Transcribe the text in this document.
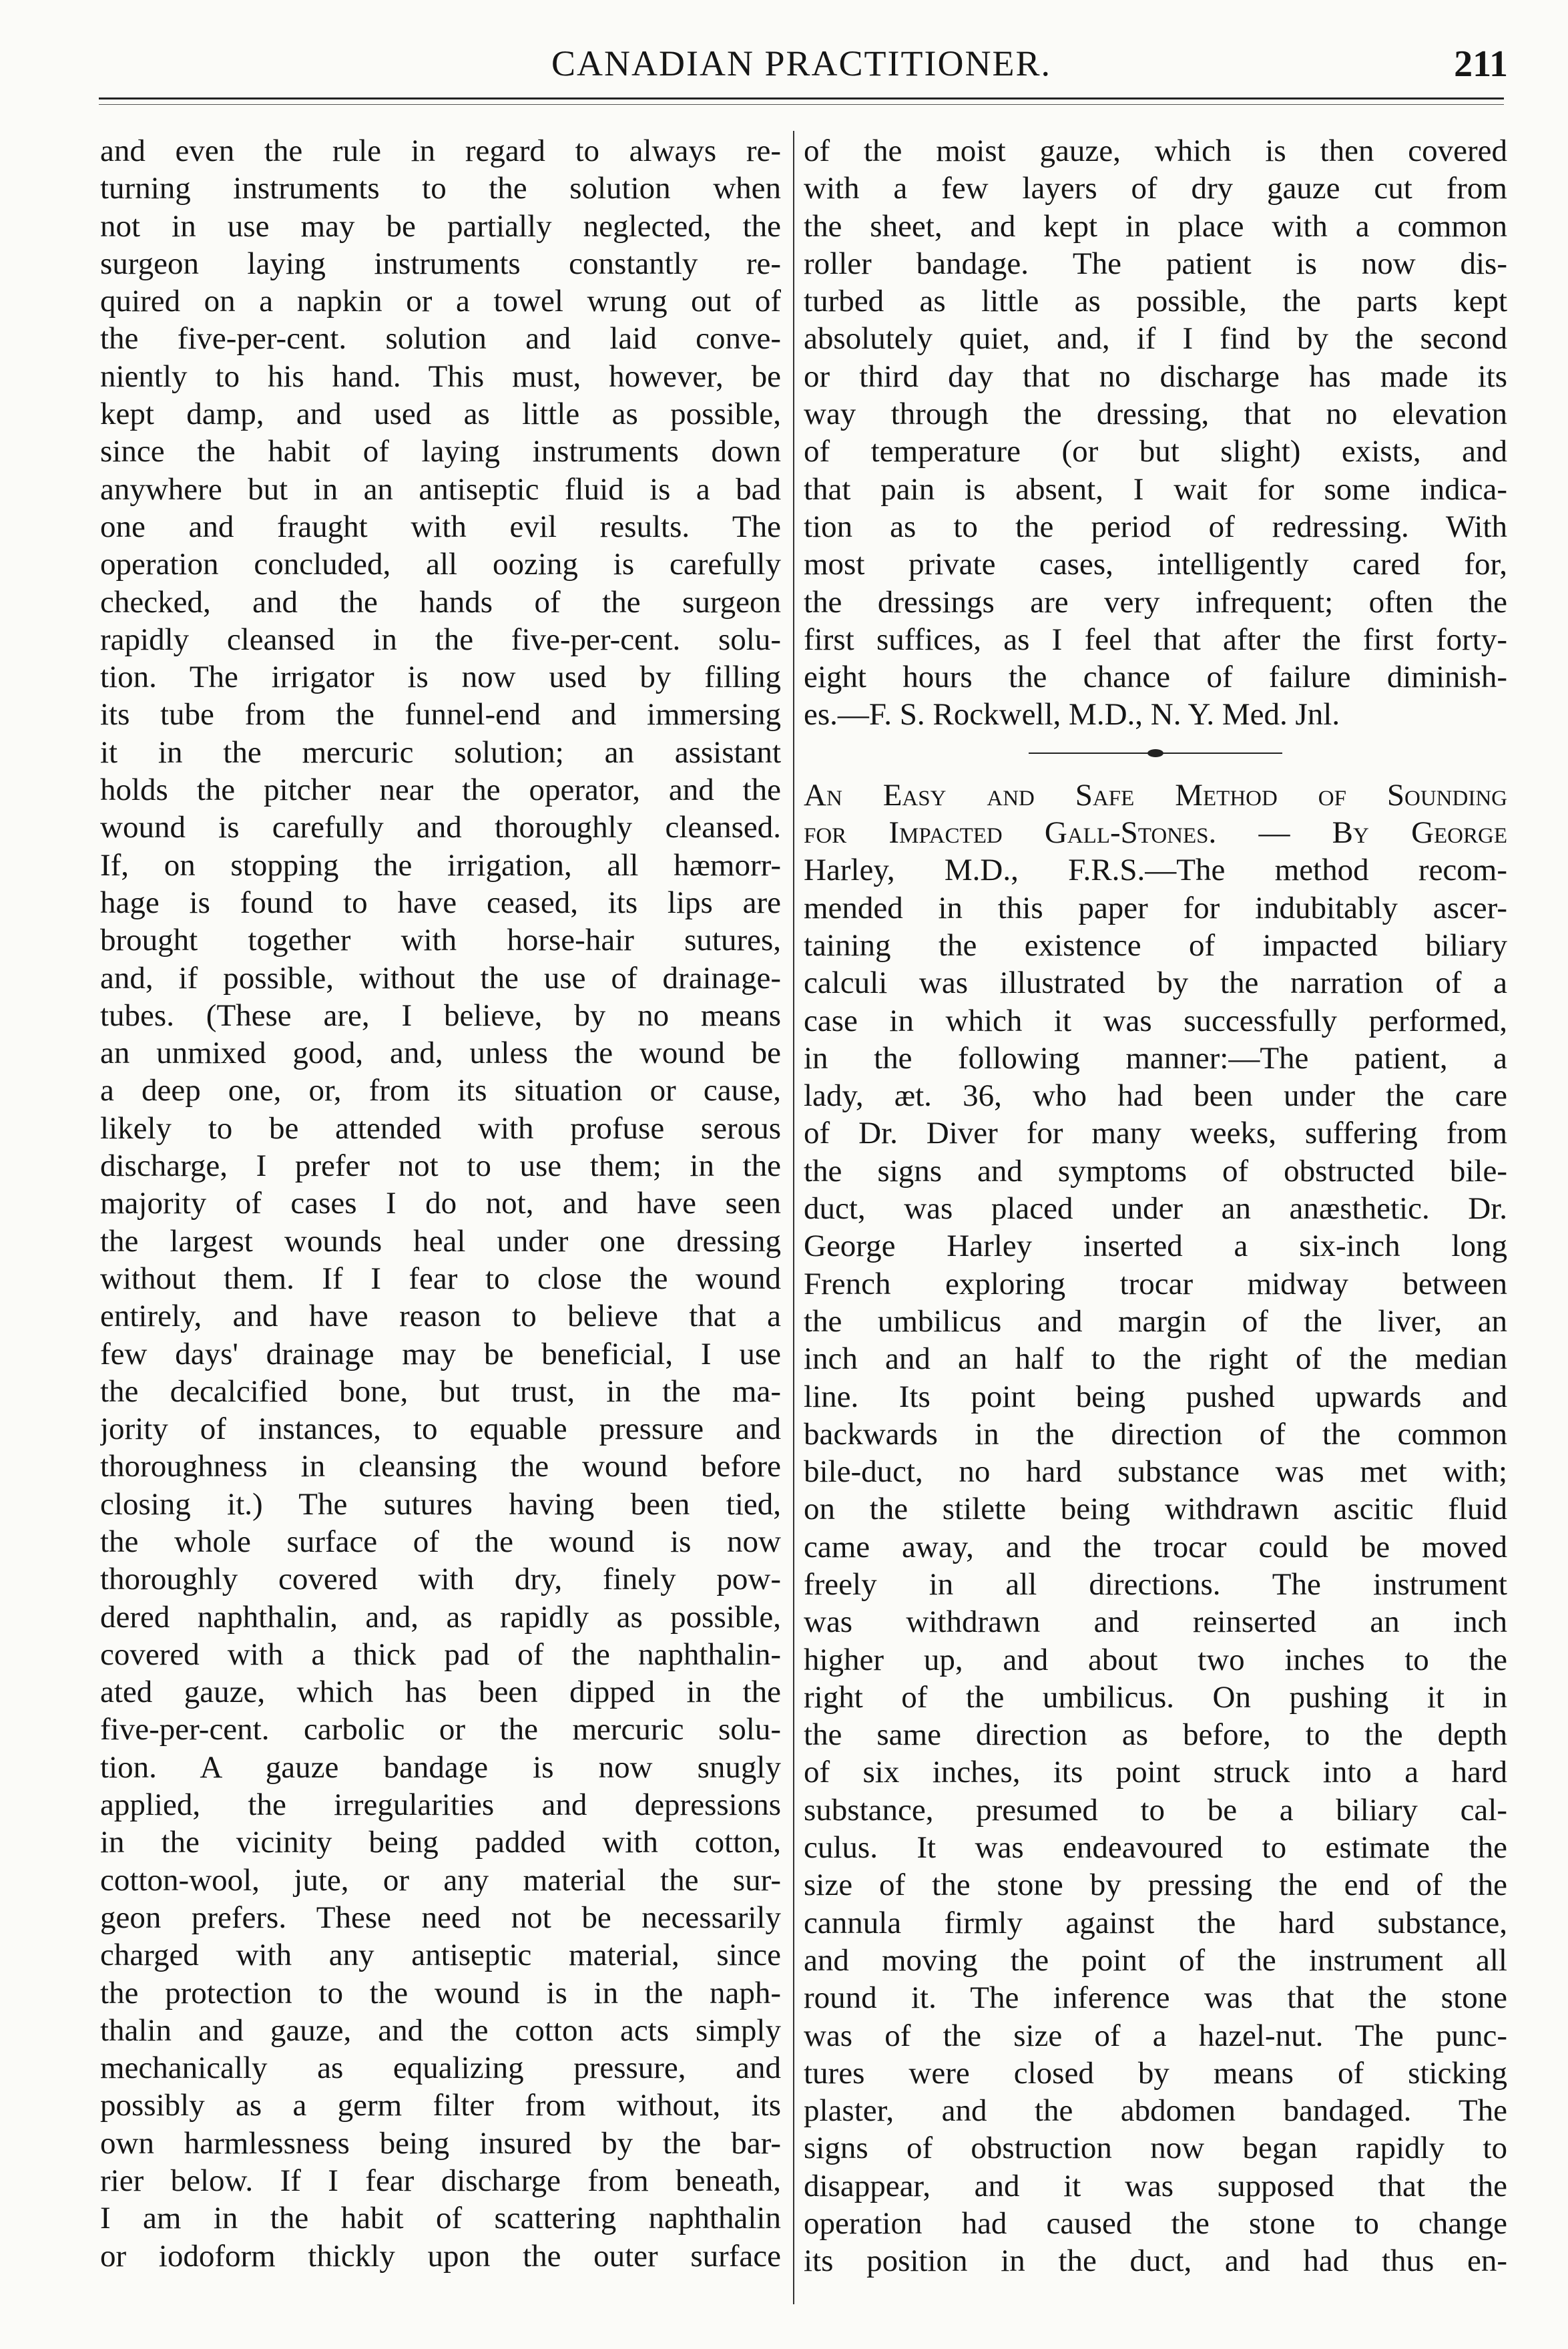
CANADIAN PRACTITIONER.	211
and even the rule in regard to always re-
turning instruments to the solution when
not in use may be partially neglected, the
surgeon laying instruments constantly re-
quired on a napkin or a towel wrung out of
the five-per-cent. solution and laid conve-
niently to his hand. This must, however, be
kept damp, and used as little as possible,
since the habit of laying instruments down
anywhere but in an antiseptic fluid is a bad
one and fraught with evil results. The
operation concluded, all oozing is carefully
checked, and the hands of the surgeon
rapidly cleansed in the five-per-cent. solu-
tion. The irrigator is now used by filling
its tube from the funnel-end and immersing
it in the mercuric solution; an assistant
holds the pitcher near the operator, and the
wound is carefully and thoroughly cleansed.
If, on stopping the irrigation, all hæmorr-
hage is found to have ceased, its lips are
brought together with horse-hair sutures,
and, if possible, without the use of drainage-
tubes. (These are, I believe, by no means
an unmixed good, and, unless the wound be
a deep one, or, from its situation or cause,
likely to be attended with profuse serous
discharge, I prefer not to use them; in the
majority of cases I do not, and have seen
the largest wounds heal under one dressing
without them. If I fear to close the wound
entirely, and have reason to believe that a
few days' drainage may be beneficial, I use
the decalcified bone, but trust, in the ma-
jority of instances, to equable pressure and
thoroughness in cleansing the wound before
closing it.) The sutures having been tied,
the whole surface of the wound is now
thoroughly covered with dry, finely pow-
dered naphthalin, and, as rapidly as possible,
covered with a thick pad of the naphthalin-
ated gauze, which has been dipped in the
five-per-cent. carbolic or the mercuric solu-
tion. A gauze bandage is now snugly
applied, the irregularities and depressions
in the vicinity being padded with cotton,
cotton-wool, jute, or any material the sur-
geon prefers. These need not be necessarily
charged with any antiseptic material, since
the protection to the wound is in the naph-
thalin and gauze, and the cotton acts simply
mechanically as equalizing pressure, and
possibly as a germ filter from without, its
own harmlessness being insured by the bar-
rier below. If I fear discharge from beneath,
I am in the habit of scattering naphthalin
or iodoform thickly upon the outer surface
of the moist gauze, which is then covered
with a few layers of dry gauze cut from
the sheet, and kept in place with a common
roller bandage. The patient is now dis-
turbed as little as possible, the parts kept
absolutely quiet, and, if I find by the second
or third day that no discharge has made its
way through the dressing, that no elevation
of temperature (or but slight) exists, and
that pain is absent, I wait for some indica-
tion as to the period of redressing. With
most private cases, intelligently cared for,
the dressings are very infrequent; often the
first suffices, as I feel that after the first forty-
eight hours the chance of failure diminish-
es.—F. S. Rockwell, M.D., N. Y. Med. Jnl.
An Easy and Safe Method of Sounding
for Impacted Gall-Stones. — By George
Harley, M.D., F.R.S.—The method recom-
mended in this paper for indubitably ascer-
taining the existence of impacted biliary
calculi was illustrated by the narration of a
case in which it was successfully performed,
in the following manner:—The patient, a
lady, æt. 36, who had been under the care
of Dr. Diver for many weeks, suffering from
the signs and symptoms of obstructed bile-
duct, was placed under an anæsthetic. Dr.
George Harley inserted a six-inch long
French exploring trocar midway between
the umbilicus and margin of the liver, an
inch and an half to the right of the median
line. Its point being pushed upwards and
backwards in the direction of the common
bile-duct, no hard substance was met with;
on the stilette being withdrawn ascitic fluid
came away, and the trocar could be moved
freely in all directions. The instrument
was withdrawn and reinserted an inch
higher up, and about two inches to the
right of the umbilicus. On pushing it in
the same direction as before, to the depth
of six inches, its point struck into a hard
substance, presumed to be a biliary cal-
culus. It was endeavoured to estimate the
size of the stone by pressing the end of the
cannula firmly against the hard substance,
and moving the point of the instrument all
round it. The inference was that the stone
was of the size of a hazel-nut. The punc-
tures were closed by means of sticking
plaster, and the abdomen bandaged. The
signs of obstruction now began rapidly to
disappear, and it was supposed that the
operation had caused the stone to change
its position in the duct, and had thus en-
